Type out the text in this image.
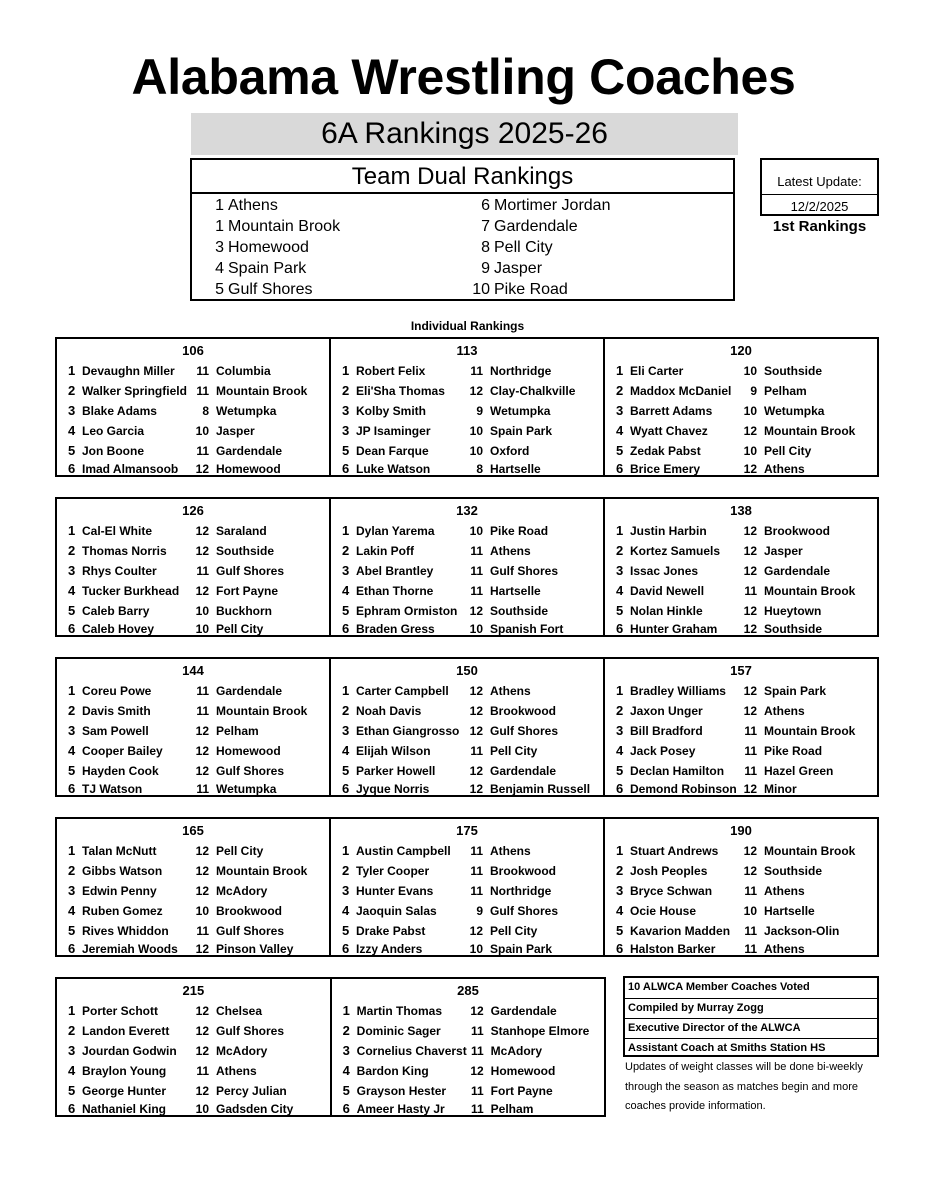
Alabama Wrestling Coaches
6A Rankings 2025-26
Team Dual Rankings
1 Athens
1 Mountain Brook
3 Homewood
4 Spain Park
5 Gulf Shores
6 Mortimer Jordan
7 Gardendale
8 Pell City
9 Jasper
10 Pike Road
Latest Update:
12/2/2025
1st Rankings
Individual Rankings
106
1 Devaughn Miller	11 Columbia
2 Walker Springfield 11 Mountain Brook
3 Blake Adams	8 Wetumpka
4 Leo Garcia	10 Jasper
5 Jon Boone	11 Gardendale
6 Imad Almansoob	12 Homewood
113
1 Robert Felix	11 Northridge
2 Eli'Sha Thomas	12 Clay-Chalkville
3 Kolby Smith	9 Wetumpka
3 JP Isaminger	10 Spain Park
5 Dean Farque	10 Oxford
6 Luke Watson	8 Hartselle
120
1 Eli Carter	10 Southside
2 Maddox McDaniel	9 Pelham
3 Barrett Adams	10 Wetumpka
4 Wyatt Chavez	12 Mountain Brook
5 Zedak Pabst	10 Pell City
6 Brice Emery	12 Athens
126
1 Cal-El White	12 Saraland
2 Thomas Norris	12 Southside
3 Rhys Coulter	11 Gulf Shores
4 Tucker Burkhead	12 Fort Payne
5 Caleb Barry	10 Buckhorn
6 Caleb Hovey	10 Pell City
132
1 Dylan Yarema	10 Pike Road
2 Lakin Poff	11 Athens
3 Abel Brantley	11 Gulf Shores
4 Ethan Thorne	11 Hartselle
5 Ephram Ormiston	12 Southside
6 Braden Gress	10 Spanish Fort
138
1 Justin Harbin	12 Brookwood
2 Kortez Samuels	12 Jasper
3 Issac Jones	12 Gardendale
4 David Newell	11 Mountain Brook
5 Nolan Hinkle	12 Hueytown
6 Hunter Graham	12 Southside
144
1 Coreu Powe	11 Gardendale
2 Davis Smith	11 Mountain Brook
3 Sam Powell	12 Pelham
4 Cooper Bailey	12 Homewood
5 Hayden Cook	12 Gulf Shores
6 TJ Watson	11 Wetumpka
150
1 Carter Campbell	12 Athens
2 Noah Davis	12 Brookwood
3 Ethan Giangrosso 12 Gulf Shores
4 Elijah Wilson	11 Pell City
5 Parker Howell	12 Gardendale
6 Jyque Norris	12 Benjamin Russell
157
1 Bradley Williams	12 Spain Park
2 Jaxon Unger	12 Athens
3 Bill Bradford	11 Mountain Brook
4 Jack Posey	11 Pike Road
5 Declan Hamilton	11 Hazel Green
6 Demond Robinson 12 Minor
165
1 Talan McNutt	12 Pell City
2 Gibbs Watson	12 Mountain Brook
3 Edwin Penny	12 McAdory
4 Ruben Gomez	10 Brookwood
5 Rives Whiddon	11 Gulf Shores
6 Jeremiah Woods	12 Pinson Valley
175
1 Austin Campbell	11 Athens
2 Tyler Cooper	11 Brookwood
3 Hunter Evans	11 Northridge
4 Jaoquin Salas	9 Gulf Shores
5 Drake Pabst	12 Pell City
6 Izzy Anders	10 Spain Park
190
1 Stuart Andrews	12 Mountain Brook
2 Josh Peoples	12 Southside
3 Bryce Schwan	11 Athens
4 Ocie House	10 Hartselle
5 Kavarion Madden	11 Jackson-Olin
6 Halston Barker	11 Athens
215
1 Porter Schott	12 Chelsea
2 Landon Everett	12 Gulf Shores
3 Jourdan Godwin	12 McAdory
4 Braylon Young	11 Athens
5 George Hunter	12 Percy Julian
6 Nathaniel King	10 Gadsden City
285
1 Martin Thomas	12 Gardendale
2 Dominic Sager	11 Stanhope Elmore
3 Cornelius Chaverst 11 McAdory
4 Bardon King	12 Homewood
5 Grayson Hester	11 Fort Payne
6 Ameer Hasty Jr	11 Pelham
10 ALWCA Member Coaches Voted
Compiled by Murray Zogg
Executive Director of the ALWCA
Assistant Coach at Smiths Station HS
Updates of weight classes will be done bi-weekly through the season as matches begin and more coaches provide information.
